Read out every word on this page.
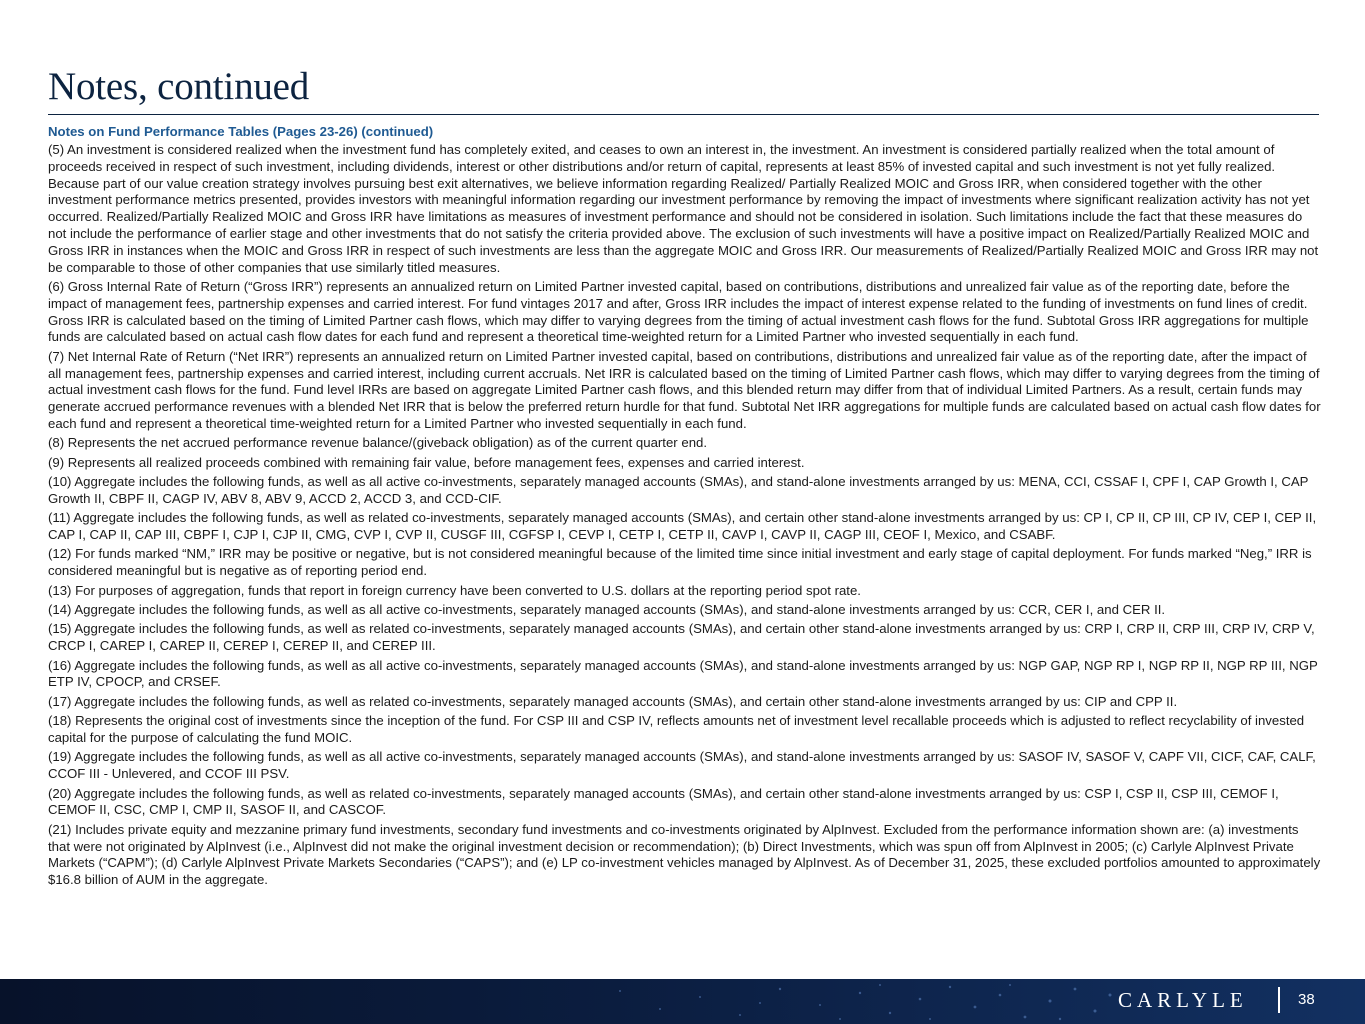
Notes, continued
Notes on Fund Performance Tables (Pages 23-26) (continued)

(5) An investment is considered realized when the investment fund has completely exited, and ceases to own an interest in, the investment. An investment is considered partially realized when the total amount of proceeds received in respect of such investment, including dividends, interest or other distributions and/or return of capital, represents at least 85% of invested capital and such investment is not yet fully realized. Because part of our value creation strategy involves pursuing best exit alternatives, we believe information regarding Realized/ Partially Realized MOIC and Gross IRR, when considered together with the other investment performance metrics presented, provides investors with meaningful information regarding our investment performance by removing the impact of investments where significant realization activity has not yet occurred. Realized/Partially Realized MOIC and Gross IRR have limitations as measures of investment performance and should not be considered in isolation. Such limitations include the fact that these measures do not include the performance of earlier stage and other investments that do not satisfy the criteria provided above. The exclusion of such investments will have a positive impact on Realized/Partially Realized MOIC and Gross IRR in instances when the MOIC and Gross IRR in respect of such investments are less than the aggregate MOIC and Gross IRR. Our measurements of Realized/Partially Realized MOIC and Gross IRR may not be comparable to those of other companies that use similarly titled measures.

(6) Gross Internal Rate of Return (“Gross IRR”) represents an annualized return on Limited Partner invested capital, based on contributions, distributions and unrealized fair value as of the reporting date, before the impact of management fees, partnership expenses and carried interest. For fund vintages 2017 and after, Gross IRR includes the impact of interest expense related to the funding of investments on fund lines of credit. Gross IRR is calculated based on the timing of Limited Partner cash flows, which may differ to varying degrees from the timing of actual investment cash flows for the fund. Subtotal Gross IRR aggregations for multiple funds are calculated based on actual cash flow dates for each fund and represent a theoretical time-weighted return for a Limited Partner who invested sequentially in each fund.

(7) Net Internal Rate of Return (“Net IRR”) represents an annualized return on Limited Partner invested capital, based on contributions, distributions and unrealized fair value as of the reporting date, after the impact of all management fees, partnership expenses and carried interest, including current accruals. Net IRR is calculated based on the timing of Limited Partner cash flows, which may differ to varying degrees from the timing of actual investment cash flows for the fund. Fund level IRRs are based on aggregate Limited Partner cash flows, and this blended return may differ from that of individual Limited Partners. As a result, certain funds may generate accrued performance revenues with a blended Net IRR that is below the preferred return hurdle for that fund. Subtotal Net IRR aggregations for multiple funds are calculated based on actual cash flow dates for each fund and represent a theoretical time-weighted return for a Limited Partner who invested sequentially in each fund.

(8) Represents the net accrued performance revenue balance/(giveback obligation) as of the current quarter end.

(9) Represents all realized proceeds combined with remaining fair value, before management fees, expenses and carried interest.

(10) Aggregate includes the following funds, as well as all active co-investments, separately managed accounts (SMAs), and stand-alone investments arranged by us: MENA, CCI, CSSAF I, CPF I, CAP Growth I, CAP Growth II, CBPF II, CAGP IV, ABV 8, ABV 9, ACCD 2, ACCD 3, and CCD-CIF.

(11) Aggregate includes the following funds, as well as related co-investments, separately managed accounts (SMAs), and certain other stand-alone investments arranged by us: CP I, CP II, CP III, CP IV, CEP I, CEP II, CAP I, CAP II, CAP III, CBPF I, CJP I, CJP II, CMG, CVP I, CVP II, CUSGF III, CGFSP I, CEVP I, CETP I, CETP II, CAVP I, CAVP II, CAGP III, CEOF I, Mexico, and CSABF.

(12) For funds marked “NM,” IRR may be positive or negative, but is not considered meaningful because of the limited time since initial investment and early stage of capital deployment. For funds marked “Neg,” IRR is considered meaningful but is negative as of reporting period end.

(13) For purposes of aggregation, funds that report in foreign currency have been converted to U.S. dollars at the reporting period spot rate.

(14) Aggregate includes the following funds, as well as all active co-investments, separately managed accounts (SMAs), and stand-alone investments arranged by us: CCR, CER I, and CER II.

(15) Aggregate includes the following funds, as well as related co-investments, separately managed accounts (SMAs), and certain other stand-alone investments arranged by us: CRP I, CRP II, CRP III, CRP IV, CRP V, CRCP I, CAREP I, CAREP II, CEREP I, CEREP II, and CEREP III.

(16) Aggregate includes the following funds, as well as all active co-investments, separately managed accounts (SMAs), and stand-alone investments arranged by us: NGP GAP, NGP RP I, NGP RP II, NGP RP III, NGP ETP IV, CPOCP, and CRSEF.

(17) Aggregate includes the following funds, as well as related co-investments, separately managed accounts (SMAs), and certain other stand-alone investments arranged by us: CIP and CPP II.

(18) Represents the original cost of investments since the inception of the fund. For CSP III and CSP IV, reflects amounts net of investment level recallable proceeds which is adjusted to reflect recyclability of invested capital for the purpose of calculating the fund MOIC.

(19) Aggregate includes the following funds, as well as all active co-investments, separately managed accounts (SMAs), and stand-alone investments arranged by us: SASOF IV, SASOF V, CAPF VII, CICF, CAF, CALF, CCOF III - Unlevered, and CCOF III PSV.

(20) Aggregate includes the following funds, as well as related co-investments, separately managed accounts (SMAs), and certain other stand-alone investments arranged by us: CSP I, CSP II, CSP III, CEMOF I, CEMOF II, CSC, CMP I, CMP II, SASOF II, and CASCOF.

(21) Includes private equity and mezzanine primary fund investments, secondary fund investments and co-investments originated by AlpInvest. Excluded from the performance information shown are: (a) investments that were not originated by AlpInvest (i.e., AlpInvest did not make the original investment decision or recommendation); (b) Direct Investments, which was spun off from AlpInvest in 2005; (c) Carlyle AlpInvest Private Markets (“CAPM”); (d) Carlyle AlpInvest Private Markets Secondaries (“CAPS”); and (e) LP co-investment vehicles managed by AlpInvest. As of December 31, 2025, these excluded portfolios amounted to approximately $16.8 billion of AUM in the aggregate.

CARLYLE	38
